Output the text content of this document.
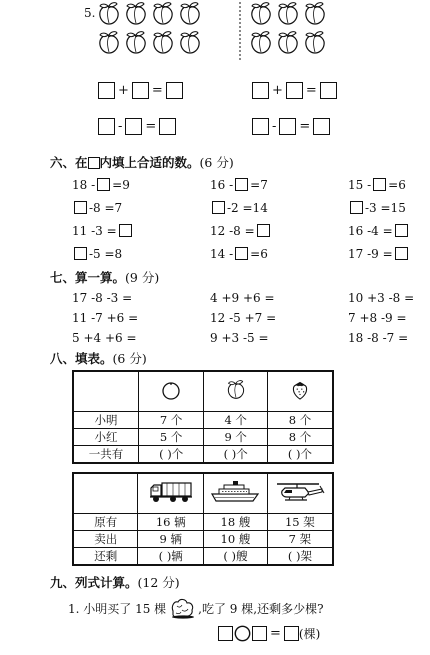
5.
+ =	+ =
- =	- =
六、在 内填上合适的数。(6 分)
18 - =9	16 - =7	15 - =6
-8 =7	-2 =14	-3 =15
11 -3 =	12 -8 =	16 -4 =
-5 =8	14 - =6	17 -9 =
七、算一算。(9 分)
17 -8 -3 =	4 +9 +6 =	10 +3 -8 =
11 -7 +6 =	12 -5 +7 =	7 +8 -9 =
5 +4 +6 =	9 +3 -5 =	18 -8 -7 =
八、填表。(6 分)

小明	7 个	4 个	8 个
小红	5 个	9 个	8 个
一共有	( )个	( )个	( )个

原有	16 辆	18 艘	15 架
卖出	9 辆	10 艘	7 架
还剩	( )辆	( )艘	( )架
九、列式计算。(12 分)
1. 小明买了 15 棵	,吃了 9 棵,还剩多少棵?
= (棵)
